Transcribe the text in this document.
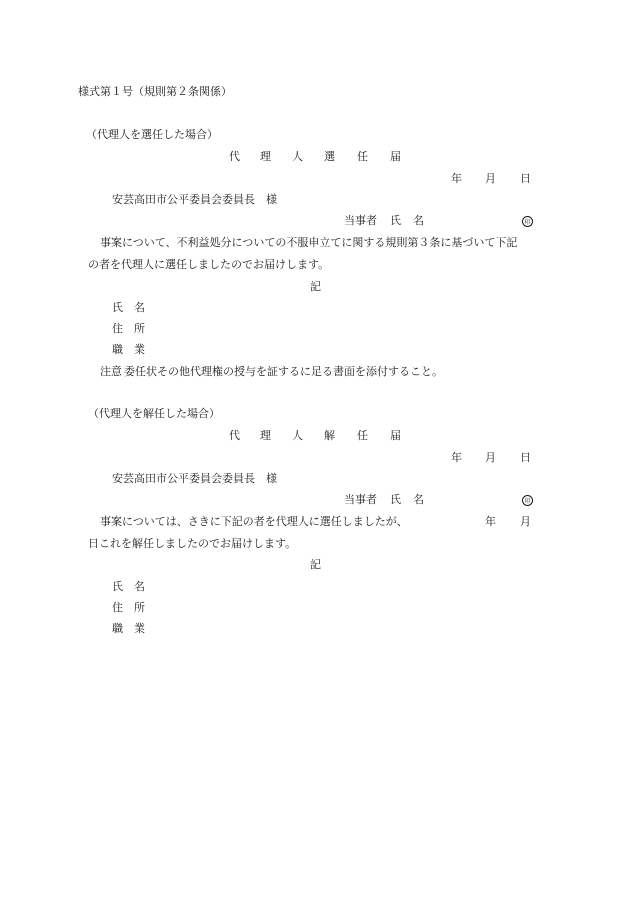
様式第１号（規則第２条関係）
（代理人を選任した場合）
代 理 人 選 任 届
年 月 日
安芸高田市公平委員会委員長　様
当事者 氏 名	印
事案について、不利益処分についての不服申立てに関する規則第３条に基づいて下記
の者を代理人に選任しましたのでお届けします。
記
氏　名
住　所
職　業
注意 委任状その他代理権の授与を証するに足る書面を添付すること。
（代理人を解任した場合）
代 理 人 解 任 届
年 月 日
安芸高田市公平委員会委員長　様
当事者 氏 名	印
事案については、さきに下記の者を代理人に選任しましたが、	年 月
日これを解任しましたのでお届けします。
記
氏　名
住　所
職　業
